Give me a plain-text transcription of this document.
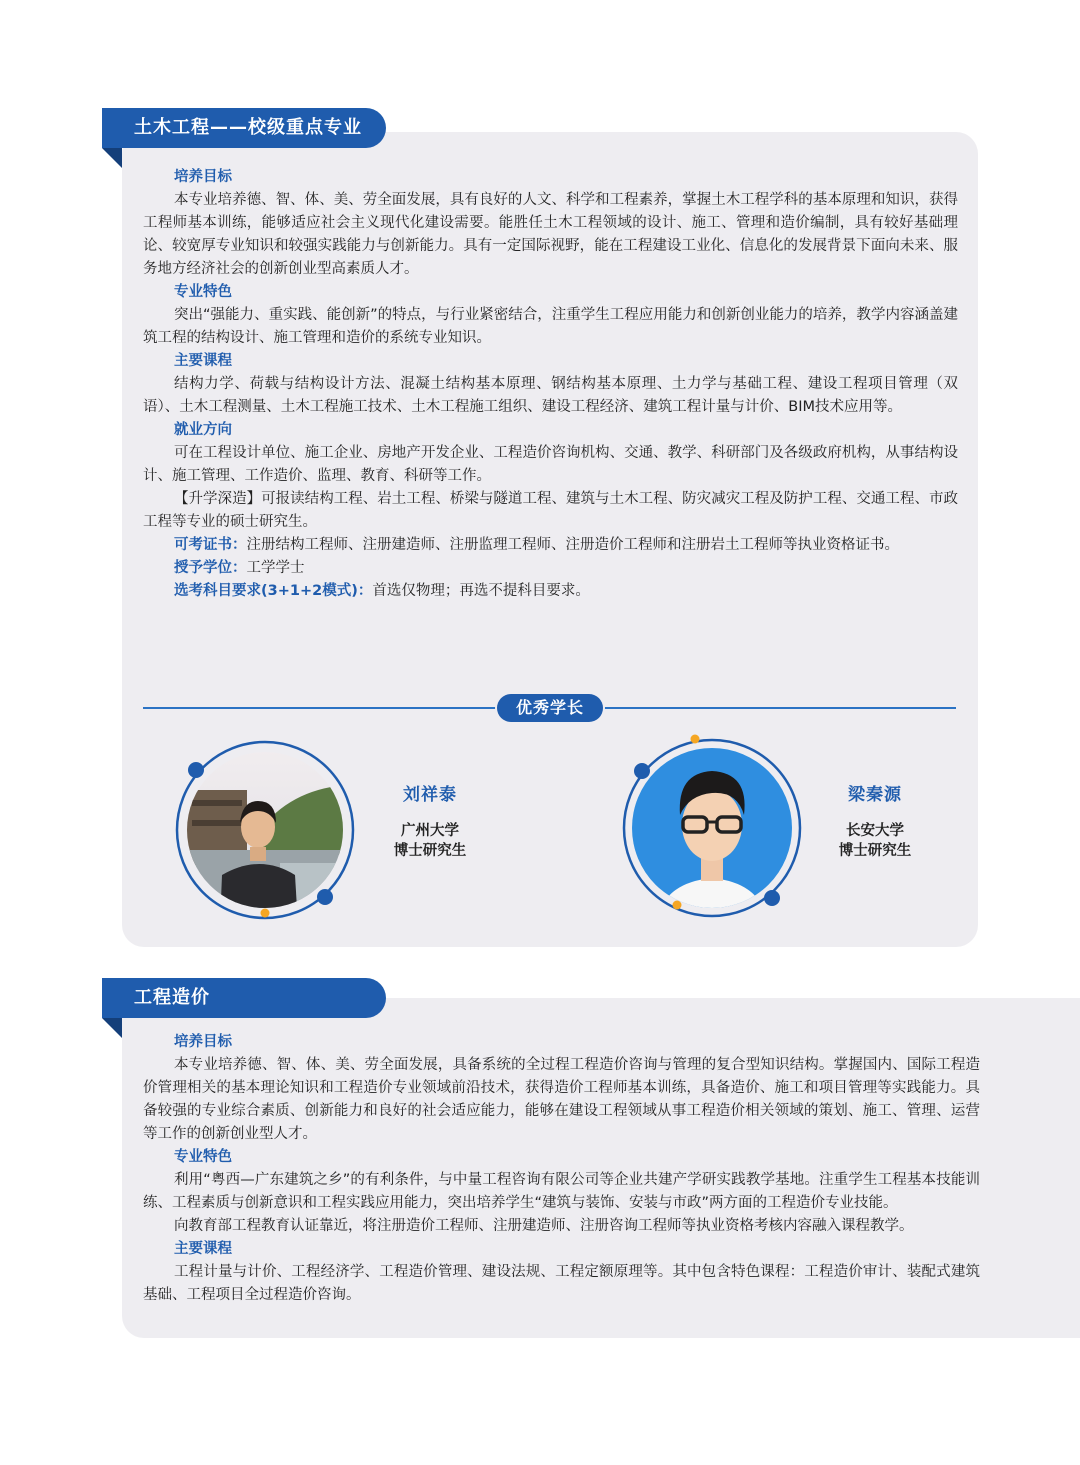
土木工程——校级重点专业
培养目标
本专业培养德、智、体、美、劳全面发展，具有良好的人文、科学和工程素养，掌握土木工程学科的基本原理和知识，获得工程师基本训练，能够适应社会主义现代化建设需要。能胜任土木工程领域的设计、施工、管理和造价编制，具有较好基础理论、较宽厚专业知识和较强实践能力与创新能力。具有一定国际视野，能在工程建设工业化、信息化的发展背景下面向未来、服务地方经济社会的创新创业型高素质人才。
专业特色
突出“强能力、重实践、能创新”的特点，与行业紧密结合，注重学生工程应用能力和创新创业能力的培养，教学内容涵盖建筑工程的结构设计、施工管理和造价的系统专业知识。
主要课程
结构力学、荷载与结构设计方法、混凝土结构基本原理、钢结构基本原理、土力学与基础工程、建设工程项目管理（双语）、土木工程测量、土木工程施工技术、土木工程施工组织、建设工程经济、建筑工程计量与计价、BIM技术应用等。
就业方向
可在工程设计单位、施工企业、房地产开发企业、工程造价咨询机构、交通、教学、科研部门及各级政府机构，从事结构设计、施工管理、工作造价、监理、教育、科研等工作。
【升学深造】可报读结构工程、岩土工程、桥梁与隧道工程、建筑与土木工程、防灾减灾工程及防护工程、交通工程、市政工程等专业的硕士研究生。
可考证书：注册结构工程师、注册建造师、注册监理工程师、注册造价工程师和注册岩土工程师等执业资格证书。
授予学位：工学学士
选考科目要求(3+1+2模式)：首选仅物理；再选不提科目要求。
优秀学长
刘祥泰
广州大学
博士研究生
梁秦源
长安大学
博士研究生
工程造价
培养目标
本专业培养德、智、体、美、劳全面发展，具备系统的全过程工程造价咨询与管理的复合型知识结构。掌握国内、国际工程造价管理相关的基本理论知识和工程造价专业领域前沿技术，获得造价工程师基本训练，具备造价、施工和项目管理等实践能力。具备较强的专业综合素质、创新能力和良好的社会适应能力，能够在建设工程领域从事工程造价相关领域的策划、施工、管理、运营等工作的创新创业型人才。
专业特色
利用“粤西—广东建筑之乡”的有利条件，与中量工程咨询有限公司等企业共建产学研实践教学基地。注重学生工程基本技能训练、工程素质与创新意识和工程实践应用能力，突出培养学生“建筑与装饰、安装与市政”两方面的工程造价专业技能。
向教育部工程教育认证靠近，将注册造价工程师、注册建造师、注册咨询工程师等执业资格考核内容融入课程教学。
主要课程
工程计量与计价、工程经济学、工程造价管理、建设法规、工程定额原理等。其中包含特色课程：工程造价审计、装配式建筑基础、工程项目全过程造价咨询。
